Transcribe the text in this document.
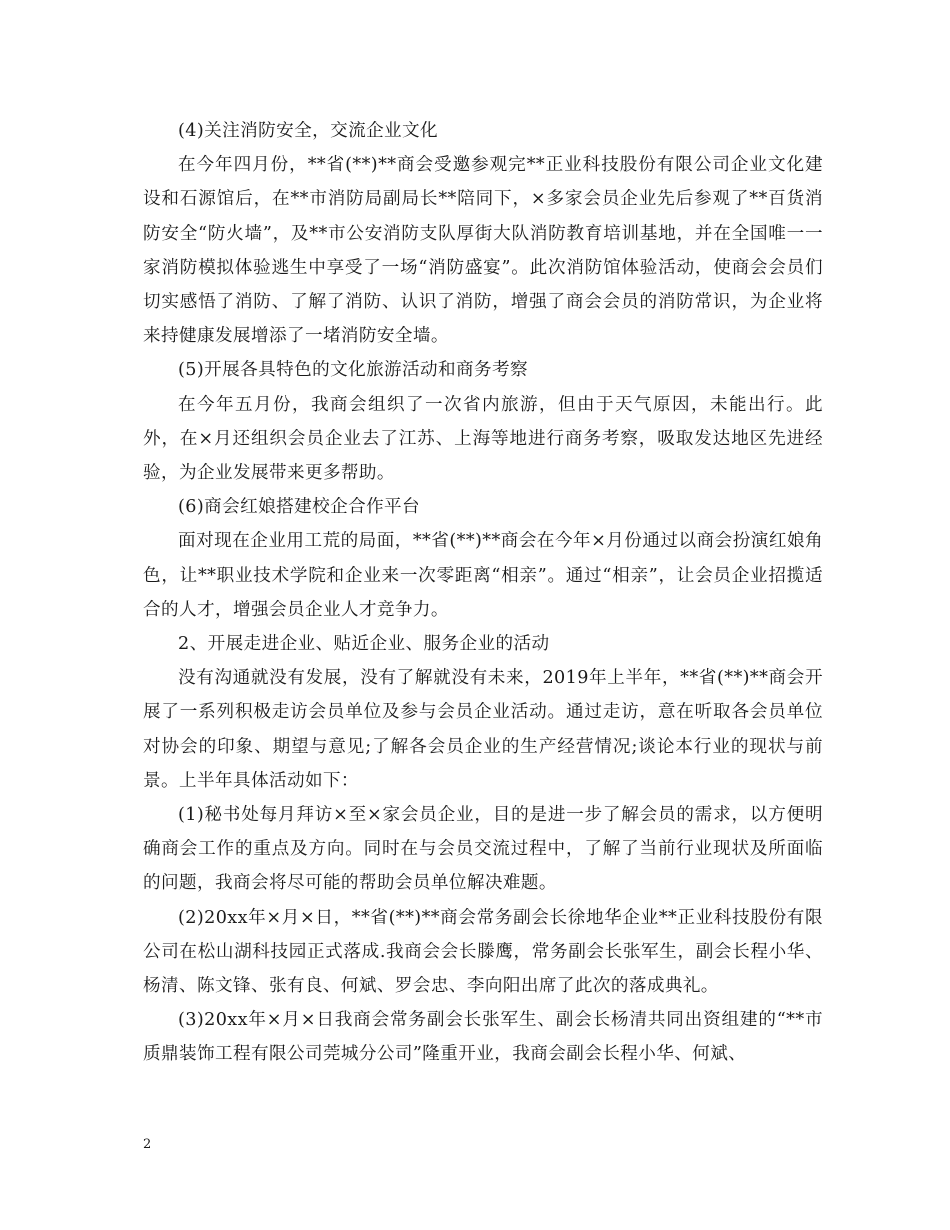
(4)关注消防安全，交流企业文化

在今年四月份，**省(**)**商会受邀参观完**正业科技股份有限公司企业文化建设和石源馆后，在**市消防局副局长**陪同下，×多家会员企业先后参观了**百货消防安全“防火墙”，及**市公安消防支队厚街大队消防教育培训基地，并在全国唯一一家消防模拟体验逃生中享受了一场“消防盛宴”。此次消防馆体验活动，使商会会员们切实感悟了消防、了解了消防、认识了消防，增强了商会会员的消防常识，为企业将来持健康发展增添了一堵消防安全墙。

(5)开展各具特色的文化旅游活动和商务考察

在今年五月份，我商会组织了一次省内旅游，但由于天气原因，未能出行。此外，在×月还组织会员企业去了江苏、上海等地进行商务考察，吸取发达地区先进经验，为企业发展带来更多帮助。

(6)商会红娘搭建校企合作平台

面对现在企业用工荒的局面，**省(**)**商会在今年×月份通过以商会扮演红娘角色，让**职业技术学院和企业来一次零距离“相亲”。通过“相亲”，让会员企业招揽适合的人才，增强会员企业人才竞争力。

2、开展走进企业、贴近企业、服务企业的活动

没有沟通就没有发展，没有了解就没有未来，2019年上半年，**省(**)**商会开展了一系列积极走访会员单位及参与会员企业活动。通过走访，意在听取各会员单位对协会的印象、期望与意见;了解各会员企业的生产经营情况;谈论本行业的现状与前景。上半年具体活动如下：

(1)秘书处每月拜访×至×家会员企业，目的是进一步了解会员的需求，以方便明确商会工作的重点及方向。同时在与会员交流过程中，了解了当前行业现状及所面临的问题，我商会将尽可能的帮助会员单位解决难题。

(2)20xx年×月×日，**省(**)**商会常务副会长徐地华企业**正业科技股份有限公司在松山湖科技园正式落成.我商会会长滕鹰，常务副会长张军生，副会长程小华、杨清、陈文锋、张有良、何斌、罗会忠、李向阳出席了此次的落成典礼。

(3)20xx年×月×日我商会常务副会长张军生、副会长杨清共同出资组建的“**市质鼎装饰工程有限公司莞城分公司”隆重开业，我商会副会长程小华、何斌、

2
